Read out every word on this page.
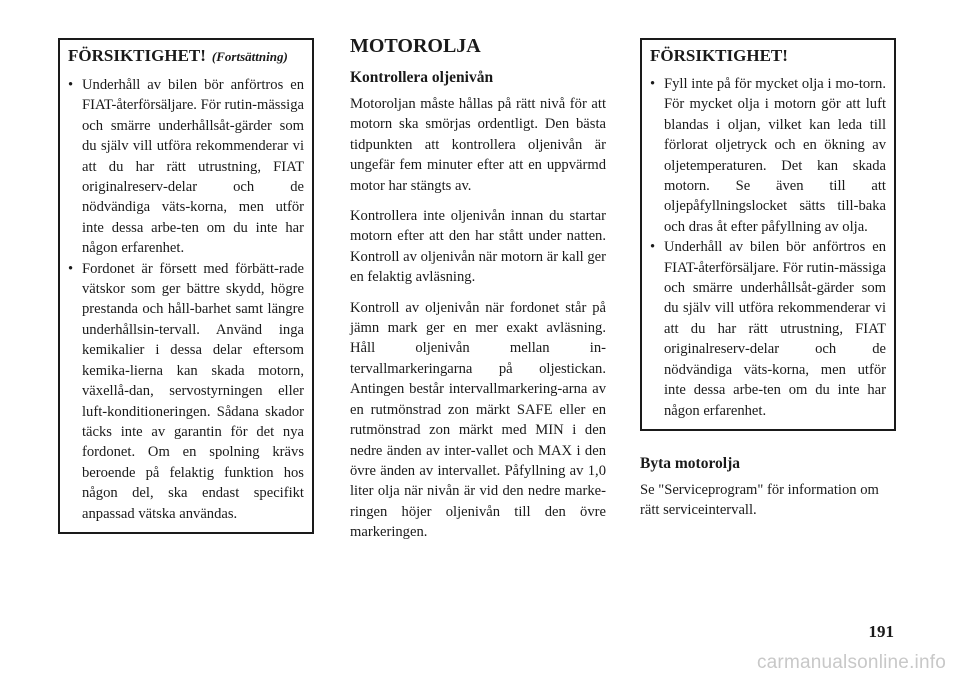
FÖRSIKTIGHET! (Fortsättning)
• Underhåll av bilen bör anförtros en FIAT-återförsäljare. För rutin-mässiga och smärre underhållsåt-gärder som du själv vill utföra rekommenderar vi att du har rätt utrustning, FIAT originalreserv-delar och de nödvändiga väts-korna, men utför inte dessa arbe-ten om du inte har någon erfarenhet.
• Fordonet är försett med förbätt-rade vätskor som ger bättre skydd, högre prestanda och håll-barhet samt längre underhållsin-tervall. Använd inga kemikalier i dessa delar eftersom kemika-lierna kan skada motorn, växellå-dan, servostyrningen eller luft-konditioneringen. Sådana skador täcks inte av garantin för det nya fordonet. Om en spolning krävs beroende på felaktig funktion hos någon del, ska endast specifikt anpassad vätska användas.
MOTOROLJA
Kontrollera oljenivån

Motoroljan måste hållas på rätt nivå för att motorn ska smörjas ordentligt. Den bästa tidpunkten att kontrollera oljenivån är ungefär fem minuter efter att en uppvärmd motor har stängts av.

Kontrollera inte oljenivån innan du startar motorn efter att den har stått under natten. Kontroll av oljenivån när motorn är kall ger en felaktig avläsning.

Kontroll av oljenivån när fordonet står på jämn mark ger en mer exakt avläsning. Håll oljenivån mellan in-tervallmarkeringarna på oljestickan. Antingen består intervallmarkering-arna av en rutmönstrad zon märkt SAFE eller en rutmönstrad zon märkt med MIN i den nedre änden av inter-vallet och MAX i den övre änden av intervallet. Påfyllning av 1,0 liter olja när nivån är vid den nedre marke-ringen höjer oljenivån till den övre markeringen.

FÖRSIKTIGHET!
• Fyll inte på för mycket olja i mo-torn. För mycket olja i motorn gör att luft blandas i oljan, vilket kan leda till förlorat oljetryck och en ökning av oljetemperaturen. Det kan skada motorn. Se även till att oljepåfyllningslocket sätts till-baka och dras åt efter påfyllning av olja.
• Underhåll av bilen bör anförtros en FIAT-återförsäljare. För rutin-mässiga och smärre underhållsåt-gärder som du själv vill utföra rekommenderar vi att du har rätt utrustning, FIAT originalreserv-delar och de nödvändiga väts-korna, men utför inte dessa arbe-ten om du inte har någon erfarenhet.
Byta motorolja

Se "Serviceprogram" för information om rätt serviceintervall.

191
carmanualsonline.info
